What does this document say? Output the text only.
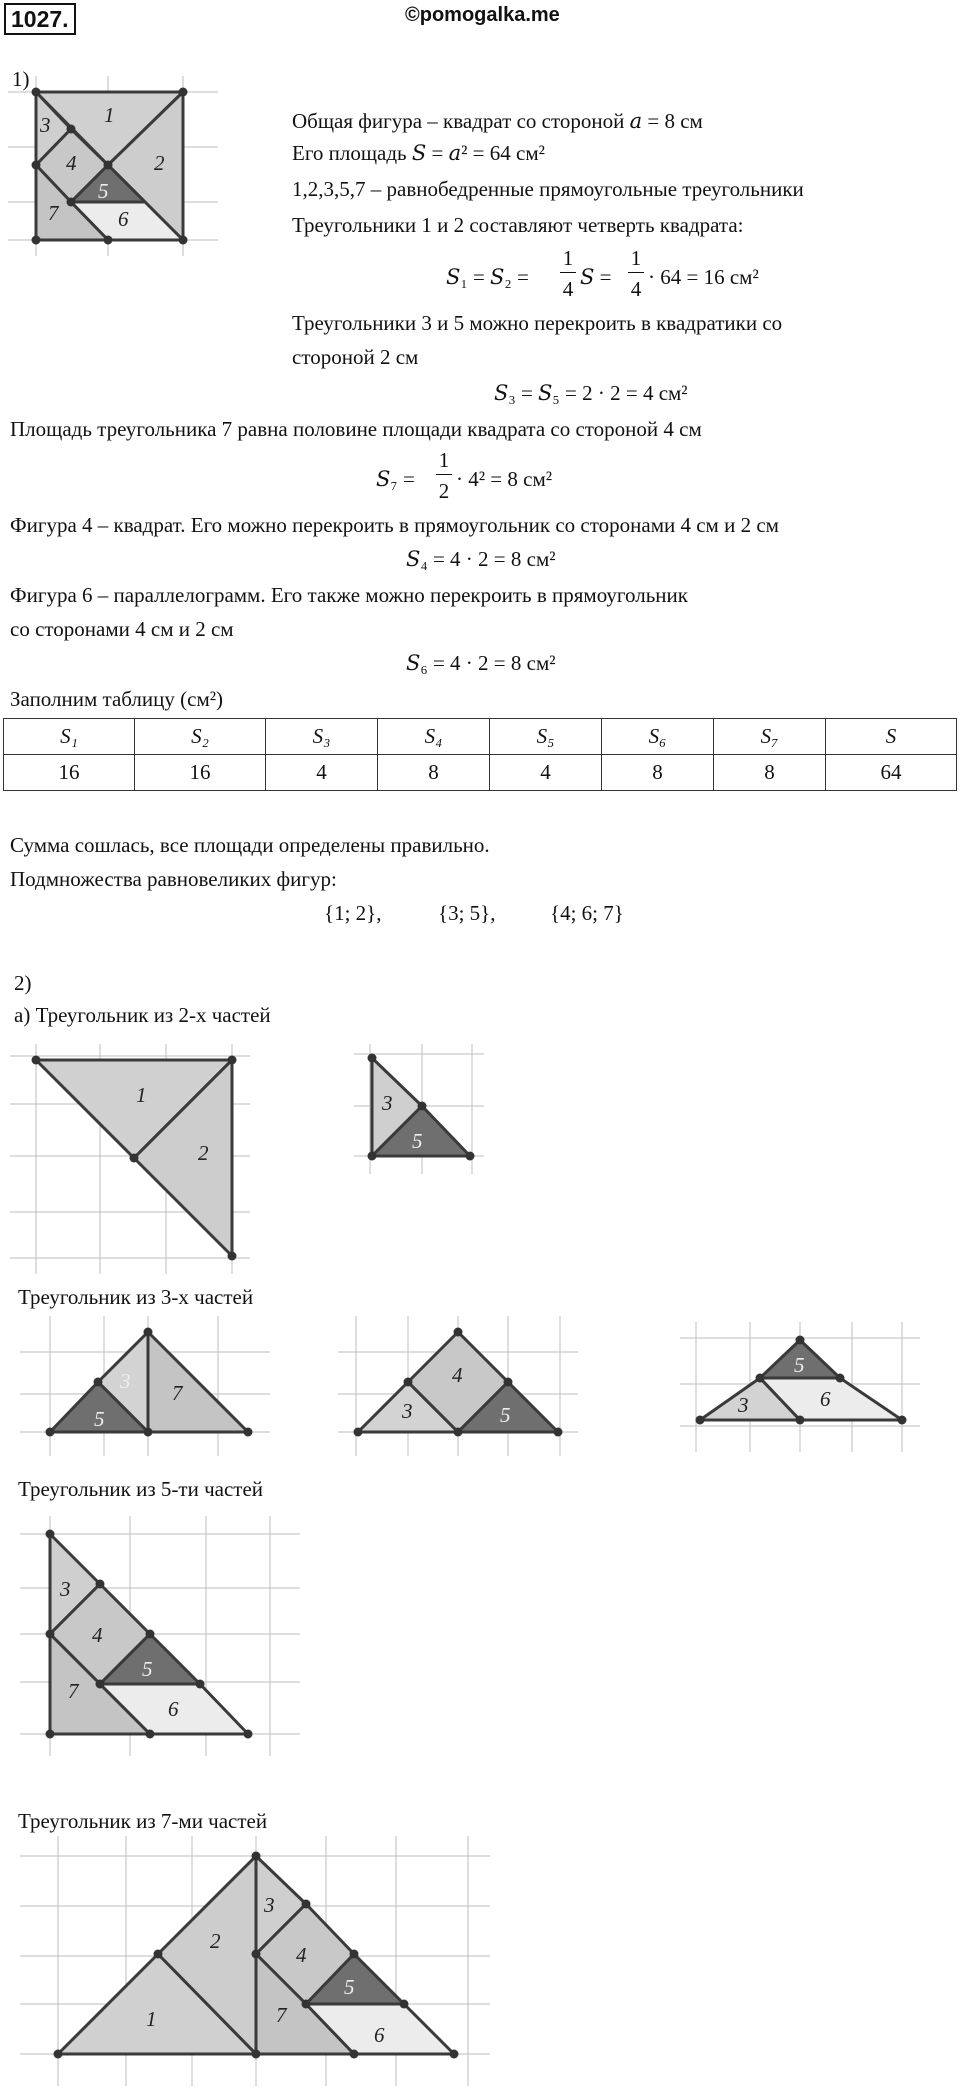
1027.	©pomogalka.me
1)
1
2
3
4
5
6
7
Общая фигура – квадрат со стороной 𝑎 = 8 см
Его площадь 𝑆 = 𝑎² = 64 см²
1,2,3,5,7 – равнобедренные прямоугольные треугольники
Треугольники 1 и 2 составляют четверть квадрата:
𝑆₁ = 𝑆₂ =
1
4 𝑆 =
1
4 · 64 = 16 см²
Треугольники 3 и 5 можно перекроить в квадратики со
стороной 2 см
𝑆₃ = 𝑆₅ = 2 · 2 = 4 см²
Площадь треугольника 7 равна половине площади квадрата со стороной 4 см
𝑆₇ =
1
2 · 4² = 8 см²
Фигура 4 – квадрат. Его можно перекроить в прямоугольник со сторонами 4 см и 2 см
𝑆₄ = 4 · 2 = 8 см²
Фигура 6 – параллелограмм. Его также можно перекроить в прямоугольник
со сторонами 4 см и 2 см
𝑆₆ = 4 · 2 = 8 см²
Заполним таблицу (см²)
S₁	S₂	S₃	S₄	S₅	S₆	S₇	S
16	16	4	8	4	8	8	64
Сумма сошлась, все площади определены правильно.
Подмножества равновеликих фигур:
{1; 2},	{3; 5},	{4; 6; 7}
2)
а) Треугольник из 2-х частей
1
2
3
5
Треугольник из 3-х частей
3 7
5	3
4
5
5
3	6
Треугольник из 5-ти частей
3
4
5
7
6
Треугольник из 7-ми частей
1
2
3
4
5
7
6
